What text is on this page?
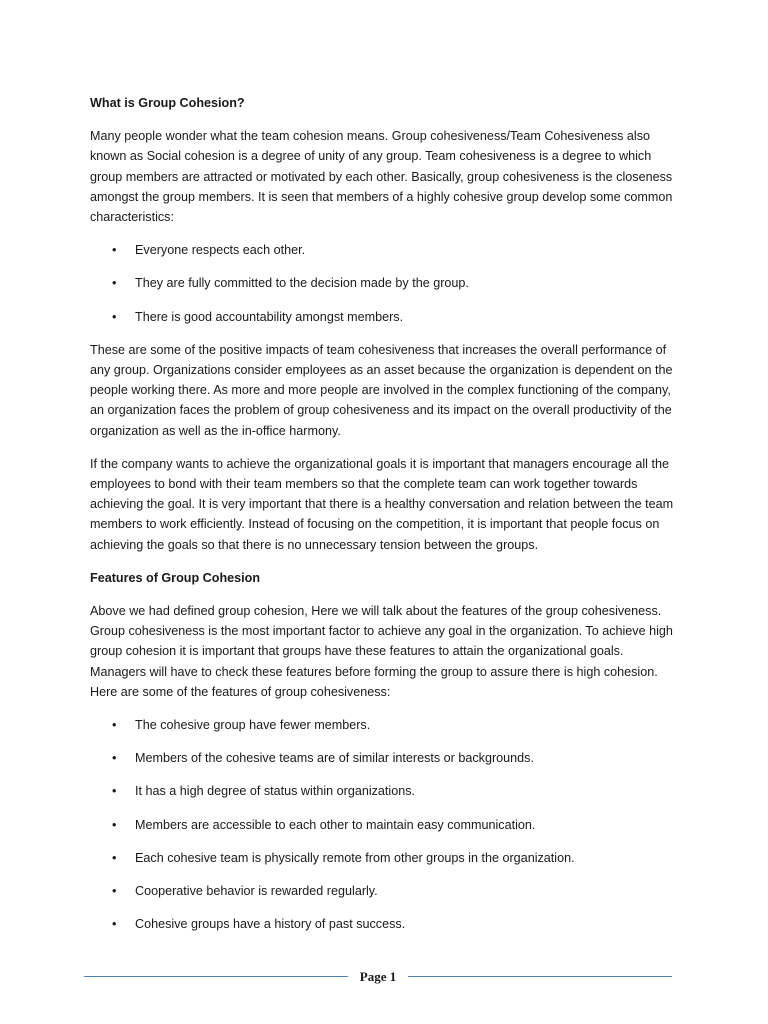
What is Group Cohesion?

Many people wonder what the team cohesion means. Group cohesiveness/Team Cohesiveness also known as Social cohesion is a degree of unity of any group. Team cohesiveness is a degree to which group members are attracted or motivated by each other. Basically, group cohesiveness is the closeness amongst the group members. It is seen that members of a highly cohesive group develop some common characteristics:

• Everyone respects each other.
• They are fully committed to the decision made by the group.
• There is good accountability amongst members.

These are some of the positive impacts of team cohesiveness that increases the overall performance of any group. Organizations consider employees as an asset because the organization is dependent on the people working there. As more and more people are involved in the complex functioning of the company, an organization faces the problem of group cohesiveness and its impact on the overall productivity of the organization as well as the in-office harmony.

If the company wants to achieve the organizational goals it is important that managers encourage all the employees to bond with their team members so that the complete team can work together towards achieving the goal. It is very important that there is a healthy conversation and relation between the team members to work efficiently. Instead of focusing on the competition, it is important that people focus on achieving the goals so that there is no unnecessary tension between the groups.

Features of Group Cohesion

Above we had defined group cohesion, Here we will talk about the features of the group cohesiveness. Group cohesiveness is the most important factor to achieve any goal in the organization. To achieve high group cohesion it is important that groups have these features to attain the organizational goals. Managers will have to check these features before forming the group to assure there is high cohesion. Here are some of the features of group cohesiveness:

• The cohesive group have fewer members.
• Members of the cohesive teams are of similar interests or backgrounds.
• It has a high degree of status within organizations.
• Members are accessible to each other to maintain easy communication.
• Each cohesive team is physically remote from other groups in the organization.
• Cooperative behavior is rewarded regularly.
• Cohesive groups have a history of past success.
Page 1
